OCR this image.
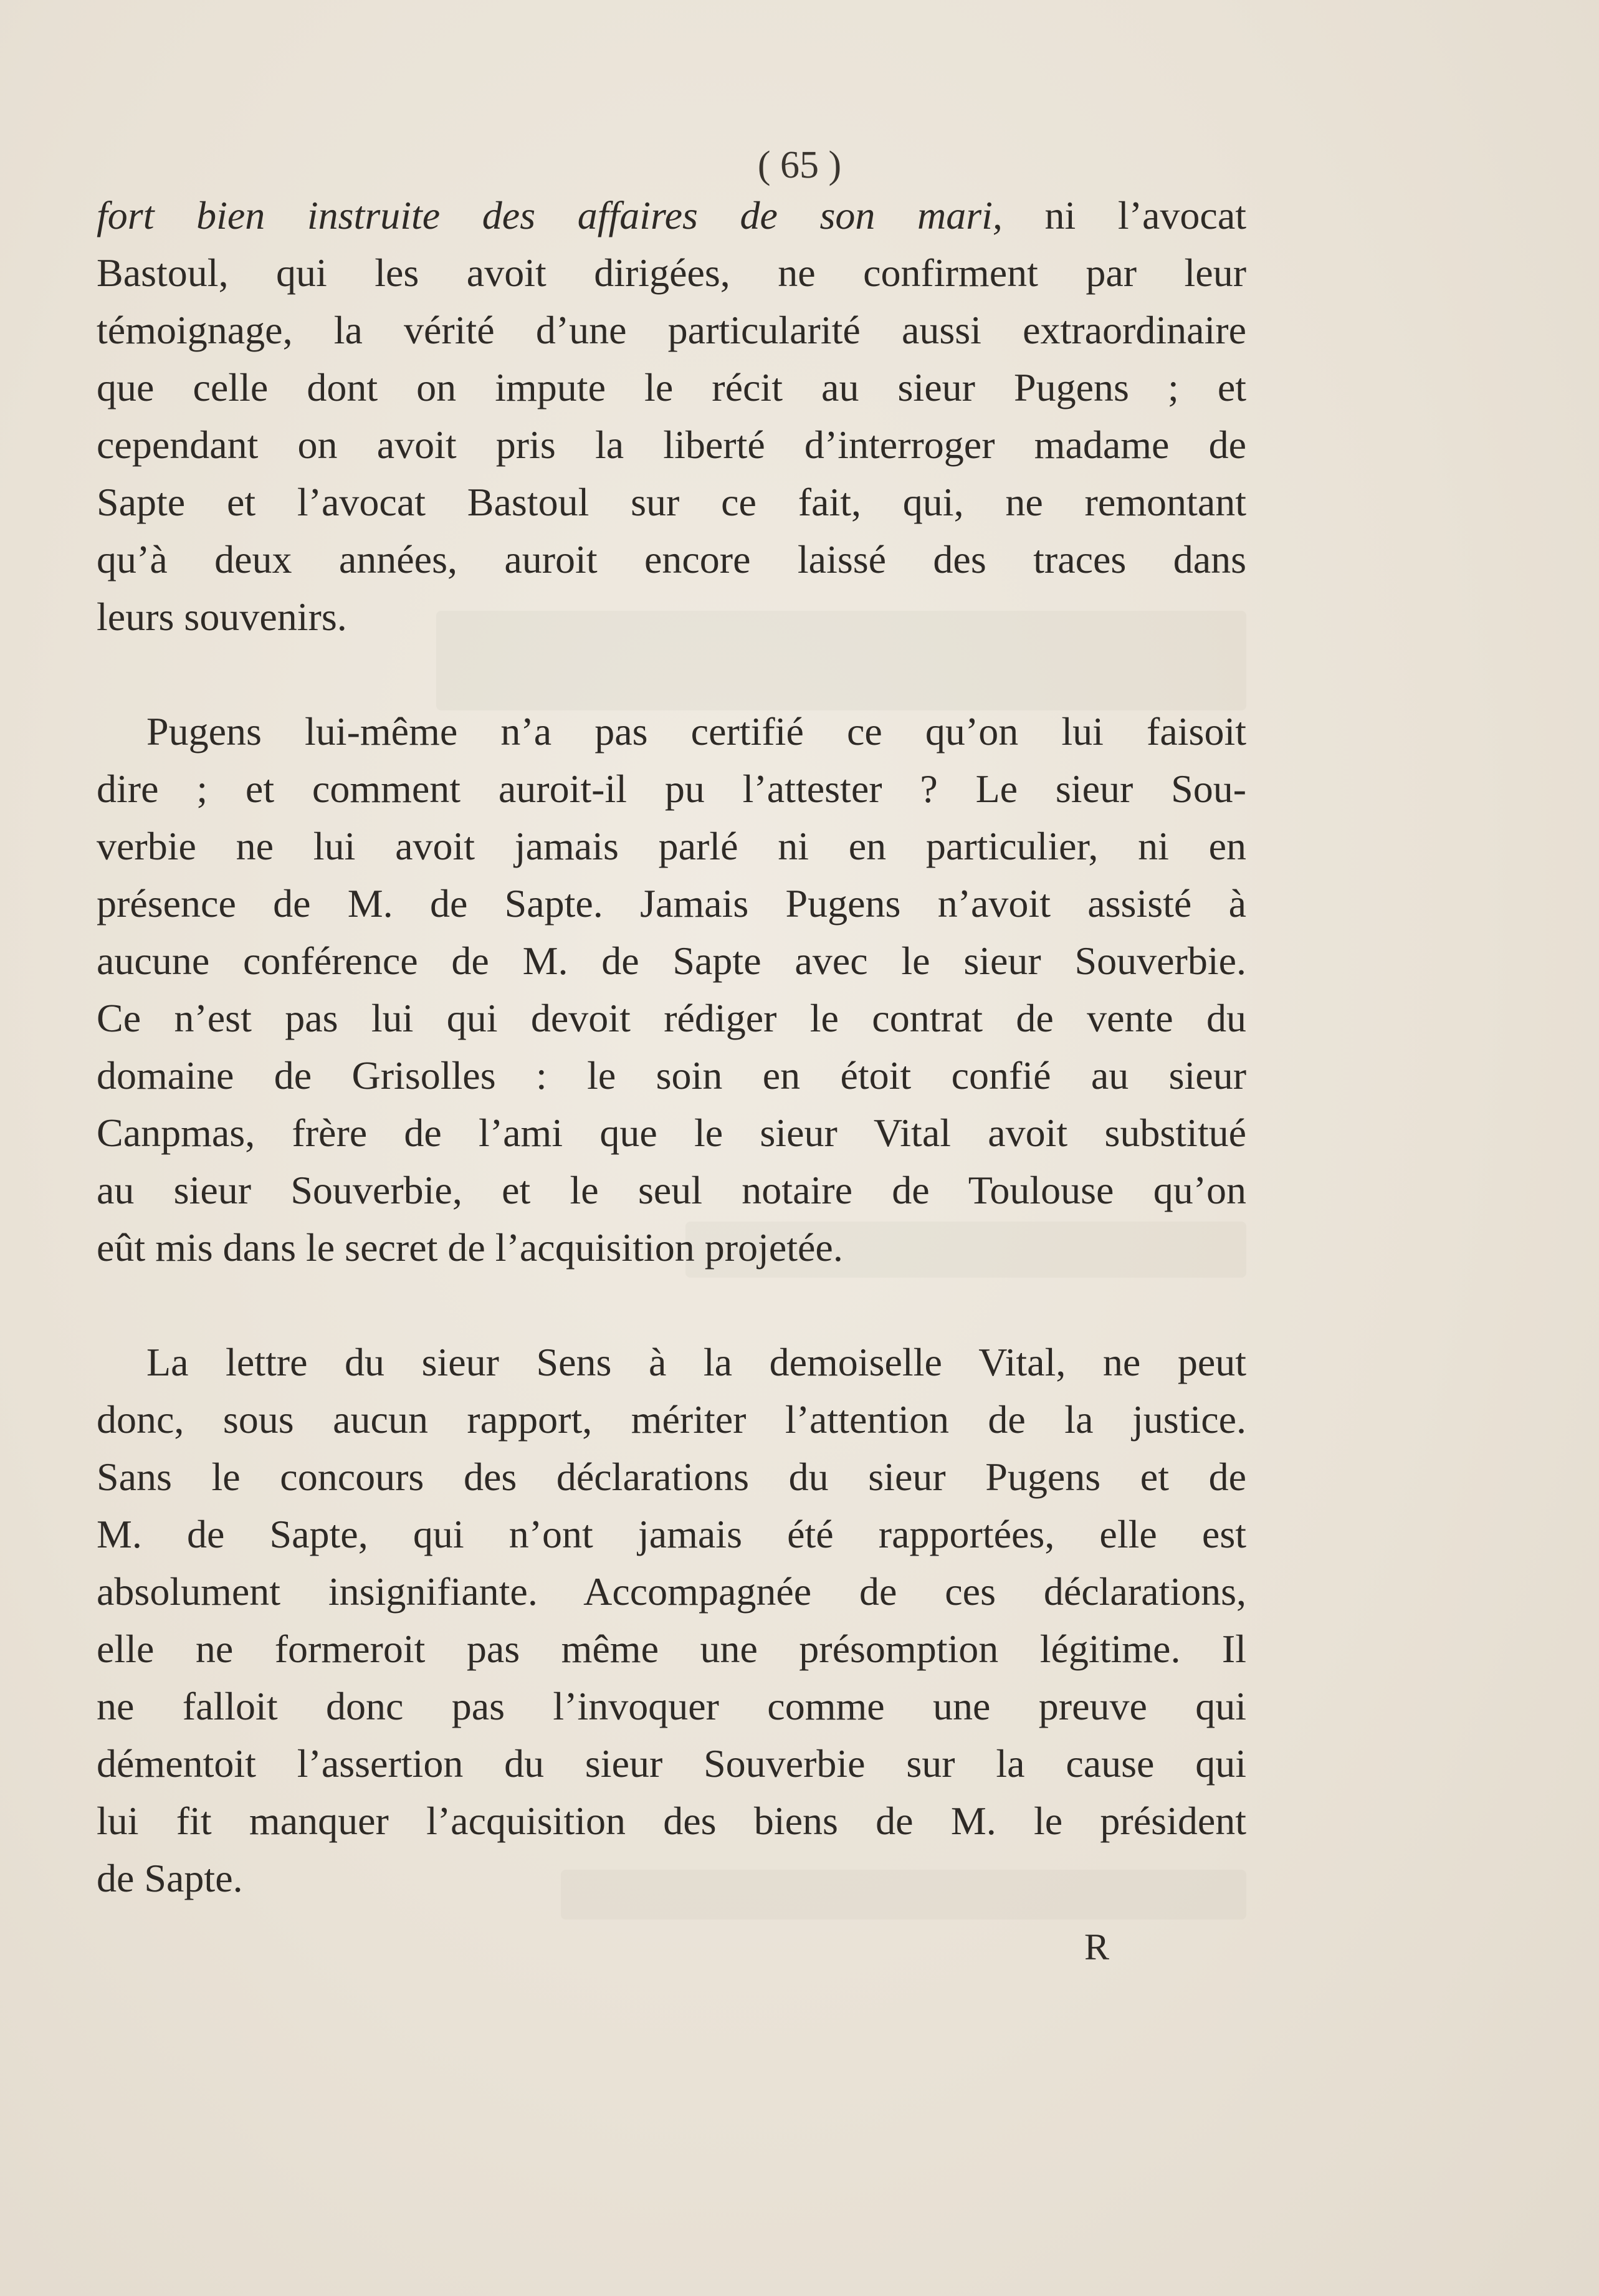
( 65 )
fort bien instruite des affaires de son mari, ni l’avocat
Bastoul, qui les avoit dirigées, ne confirment par leur
témoignage, la vérité d’une particularité aussi extraordinaire
que celle dont on impute le récit au sieur Pugens ; et
cependant on avoit pris la liberté d’interroger madame de
Sapte et l’avocat Bastoul sur ce fait, qui, ne remontant
qu’à deux années, auroit encore laissé des traces dans
leurs souvenirs.
Pugens lui-même n’a pas certifié ce qu’on lui faisoit
dire ; et comment auroit-il pu l’attester ? Le sieur Sou-
verbie ne lui avoit jamais parlé ni en particulier, ni en
présence de M. de Sapte. Jamais Pugens n’avoit assisté à
aucune conférence de M. de Sapte avec le sieur Souverbie.
Ce n’est pas lui qui devoit rédiger le contrat de vente du
domaine de Grisolles : le soin en étoit confié au sieur
Canpmas, frère de l’ami que le sieur Vital avoit substitué
au sieur Souverbie, et le seul notaire de Toulouse qu’on
eût mis dans le secret de l’acquisition projetée.
La lettre du sieur Sens à la demoiselle Vital, ne peut
donc, sous aucun rapport, mériter l’attention de la justice.
Sans le concours des déclarations du sieur Pugens et de
M. de Sapte, qui n’ont jamais été rapportées, elle est
absolument insignifiante. Accompagnée de ces déclarations,
elle ne formeroit pas même une présomption légitime. Il
ne falloit donc pas l’invoquer comme une preuve qui
démentoit l’assertion du sieur Souverbie sur la cause qui
lui fit manquer l’acquisition des biens de M. le président
de Sapte.
R
